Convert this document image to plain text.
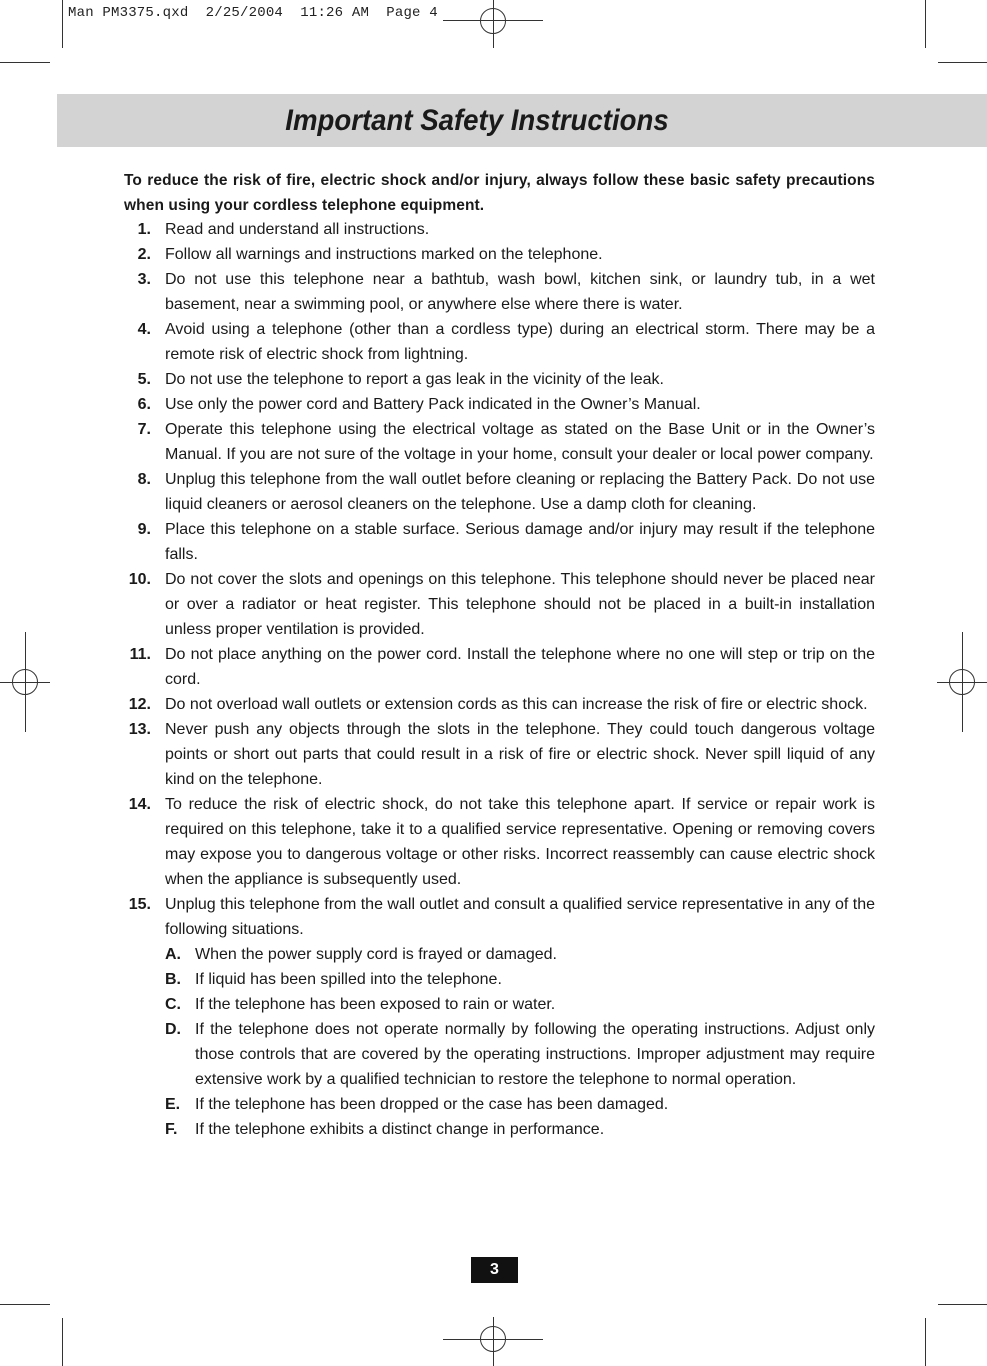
Man PM3375.qxd  2/25/2004  11:26 AM  Page 4
Important Safety Instructions
To reduce the risk of fire, electric shock and/or injury, always follow these basic safety precautions when using your cordless telephone equipment.
1. Read and understand all instructions.
2. Follow all warnings and instructions marked on the telephone.
3. Do not use this telephone near a bathtub, wash bowl, kitchen sink, or laundry tub, in a wet basement, near a swimming pool, or anywhere else where there is water.
4. Avoid using a telephone (other than a cordless type) during an electrical storm. There may be a remote risk of electric shock from lightning.
5. Do not use the telephone to report a gas leak in the vicinity of the leak.
6. Use only the power cord and Battery Pack indicated in the Owner’s Manual.
7. Operate this telephone using the electrical voltage as stated on the Base Unit or in the Owner’s Manual. If you are not sure of the voltage in your home, consult your dealer or local power company.
8. Unplug this telephone from the wall outlet before cleaning or replacing the Battery Pack. Do not use liquid cleaners or aerosol cleaners on the telephone. Use a damp cloth for cleaning.
9. Place this telephone on a stable surface. Serious damage and/or injury may result if the telephone falls.
10. Do not cover the slots and openings on this telephone. This telephone should never be placed near or over a radiator or heat register. This telephone should not be placed in a built-in installation unless proper ventilation is provided.
11. Do not place anything on the power cord. Install the telephone where no one will step or trip on the cord.
12. Do not overload wall outlets or extension cords as this can increase the risk of fire or electric shock.
13. Never push any objects through the slots in the telephone. They could touch dangerous voltage points or short out parts that could result in a risk of fire or electric shock. Never spill liquid of any kind on the telephone.
14. To reduce the risk of electric shock, do not take this telephone apart. If service or repair work is required on this telephone, take it to a qualified service representative. Opening or removing covers may expose you to dangerous voltage or other risks. Incorrect reassembly can cause electric shock when the appliance is subsequently used.
15. Unplug this telephone from the wall outlet and consult a qualified service representative in any of the following situations.
A. When the power supply cord is frayed or damaged.
B. If liquid has been spilled into the telephone.
C. If the telephone has been exposed to rain or water.
D. If the telephone does not operate normally by following the operating instructions. Adjust only those controls that are covered by the operating instructions. Improper adjustment may require extensive work by a qualified technician to restore the telephone to normal operation.
E. If the telephone has been dropped or the case has been damaged.
F.	If the telephone exhibits a distinct change in performance.
3
